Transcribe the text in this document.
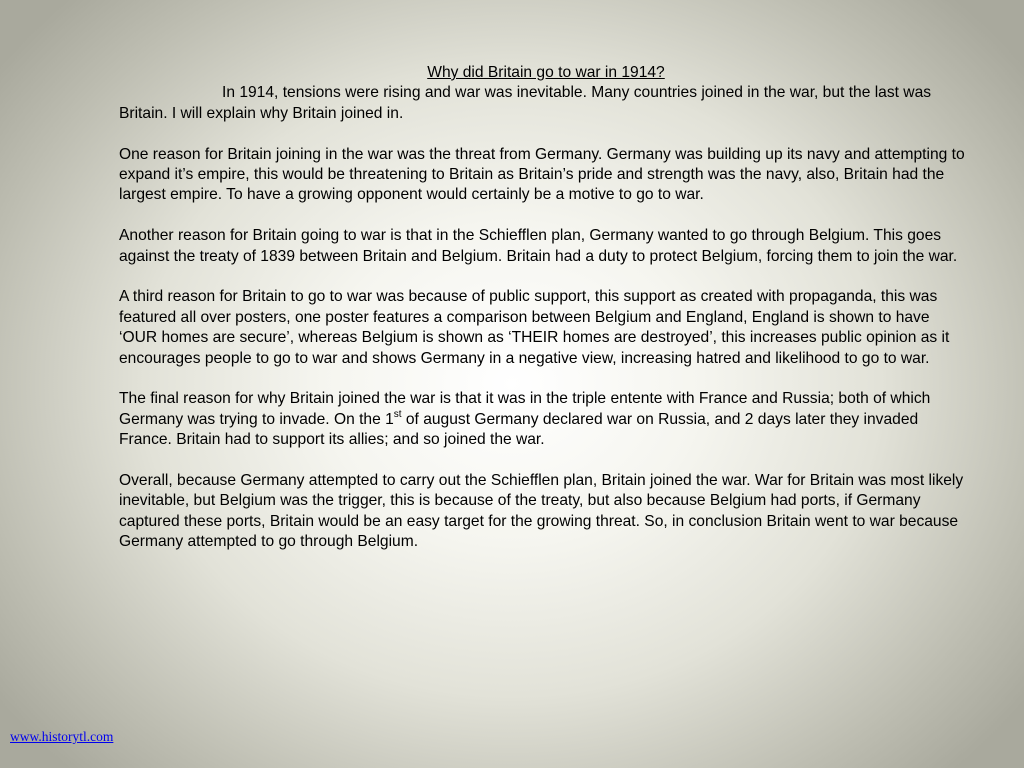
Why did Britain go to war in 1914?

In 1914, tensions were rising and war was inevitable. Many countries joined in the war, but the last was Britain. I will explain why Britain joined in.

One reason for Britain joining in the war was the threat from Germany. Germany was building up its navy and attempting to expand it’s empire, this would be threatening to Britain as Britain’s pride and strength was the navy, also, Britain had the largest empire. To have a growing opponent would certainly be a motive to go to war.

Another reason for Britain going to war is that in the Schiefflen plan, Germany wanted to go through Belgium. This goes against the treaty of 1839 between Britain and Belgium. Britain had a duty to protect Belgium, forcing them to join the war.

A third reason for Britain to go to war was because of public support, this support as created with propaganda, this was featured all over posters, one poster features a comparison between Belgium and England, England is shown to have ‘OUR homes are secure’, whereas Belgium is shown as ‘THEIR homes are destroyed’, this increases public opinion as it encourages people to go to war and shows Germany in a negative view, increasing hatred and likelihood to go to war.

The final reason for why Britain joined the war is that it was in the triple entente with France and Russia; both of which Germany was trying to invade. On the 1st of august Germany declared war on Russia, and 2 days later they invaded France. Britain had to support its allies; and so joined the war.

Overall, because Germany attempted to carry out the Schiefflen plan, Britain joined the war. War for Britain was most likely inevitable, but Belgium was the trigger, this is because of the treaty, but also because Belgium had ports, if Germany captured these ports, Britain would be an easy target for the growing threat. So, in conclusion Britain went to war because Germany attempted to go through Belgium.

www.historytl.com
